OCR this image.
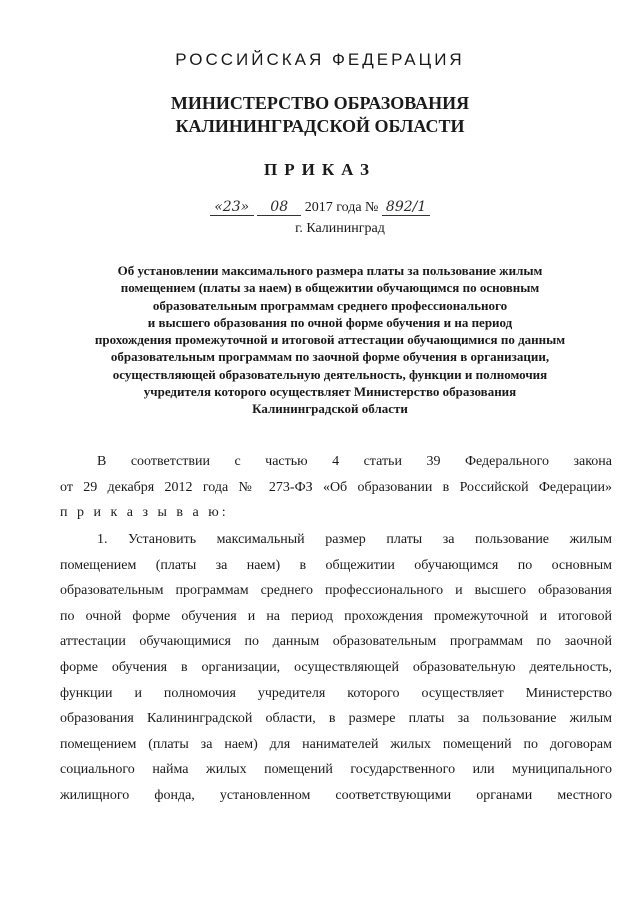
РОССИЙСКАЯ ФЕДЕРАЦИЯ
МИНИСТЕРСТВО ОБРАЗОВАНИЯ
КАЛИНИНГРАДСКОЙ ОБЛАСТИ
ПРИКАЗ
«23» 08 2017 года № 892/1
г. Калининград
Об установлении максимального размера платы за пользование жилым
помещением (платы за наем) в общежитии обучающимся по основным
образовательным программам среднего профессионального
и высшего образования по очной форме обучения и на период
прохождения промежуточной и итоговой аттестации обучающимися по данным
образовательным программам по заочной форме обучения в организации,
осуществляющей образовательную деятельность, функции и полномочия
учредителя которого осуществляет Министерство образования
Калининградской области
В соответствии с частью 4 статьи 39 Федерального закона
от 29 декабря 2012 года № 273-ФЗ «Об образовании в Российской Федерации»
п р и к а з ы в а ю:
1. Установить максимальный размер платы за пользование жилым
помещением (платы за наем) в общежитии обучающимся по основным
образовательным программам среднего профессионального и высшего образования
по очной форме обучения и на период прохождения промежуточной и итоговой
аттестации обучающимися по данным образовательным программам по заочной
форме обучения в организации, осуществляющей образовательную деятельность,
функции и полномочия учредителя которого осуществляет Министерство
образования Калининградской области, в размере платы за пользование жилым
помещением (платы за наем) для нанимателей жилых помещений по договорам
социального найма жилых помещений государственного или муниципального
жилищного фонда, установленном соответствующими органами местного
